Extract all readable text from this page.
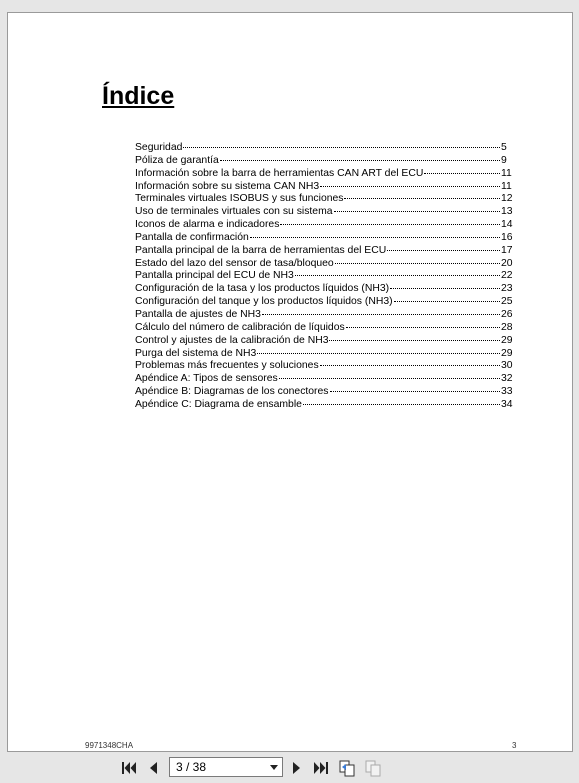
Índice
Seguridad	5
Póliza de garantía	9
Información sobre la barra de herramientas CAN ART del ECU	11
Información sobre su sistema CAN NH3	11
Terminales virtuales ISOBUS y sus funciones	12
Uso de terminales virtuales con su sistema	13
Iconos de alarma e indicadores	14
Pantalla de confirmación	16
Pantalla principal de la barra de herramientas del ECU	17
Estado del lazo del sensor de tasa/bloqueo	20
Pantalla principal del ECU de NH3	22
Configuración de la tasa y los productos líquidos (NH3)	23
Configuración del tanque y los productos líquidos (NH3)	25
Pantalla de ajustes de NH3	26
Cálculo del número de calibración de líquidos	28
Control y ajustes de la calibración de NH3	29
Purga del sistema de NH3	29
Problemas más frecuentes y soluciones	30
Apéndice A: Tipos de sensores	32
Apéndice B: Diagramas de los conectores	33
Apéndice C: Diagrama de ensamble	34
9971348CHA	3
3 / 38
